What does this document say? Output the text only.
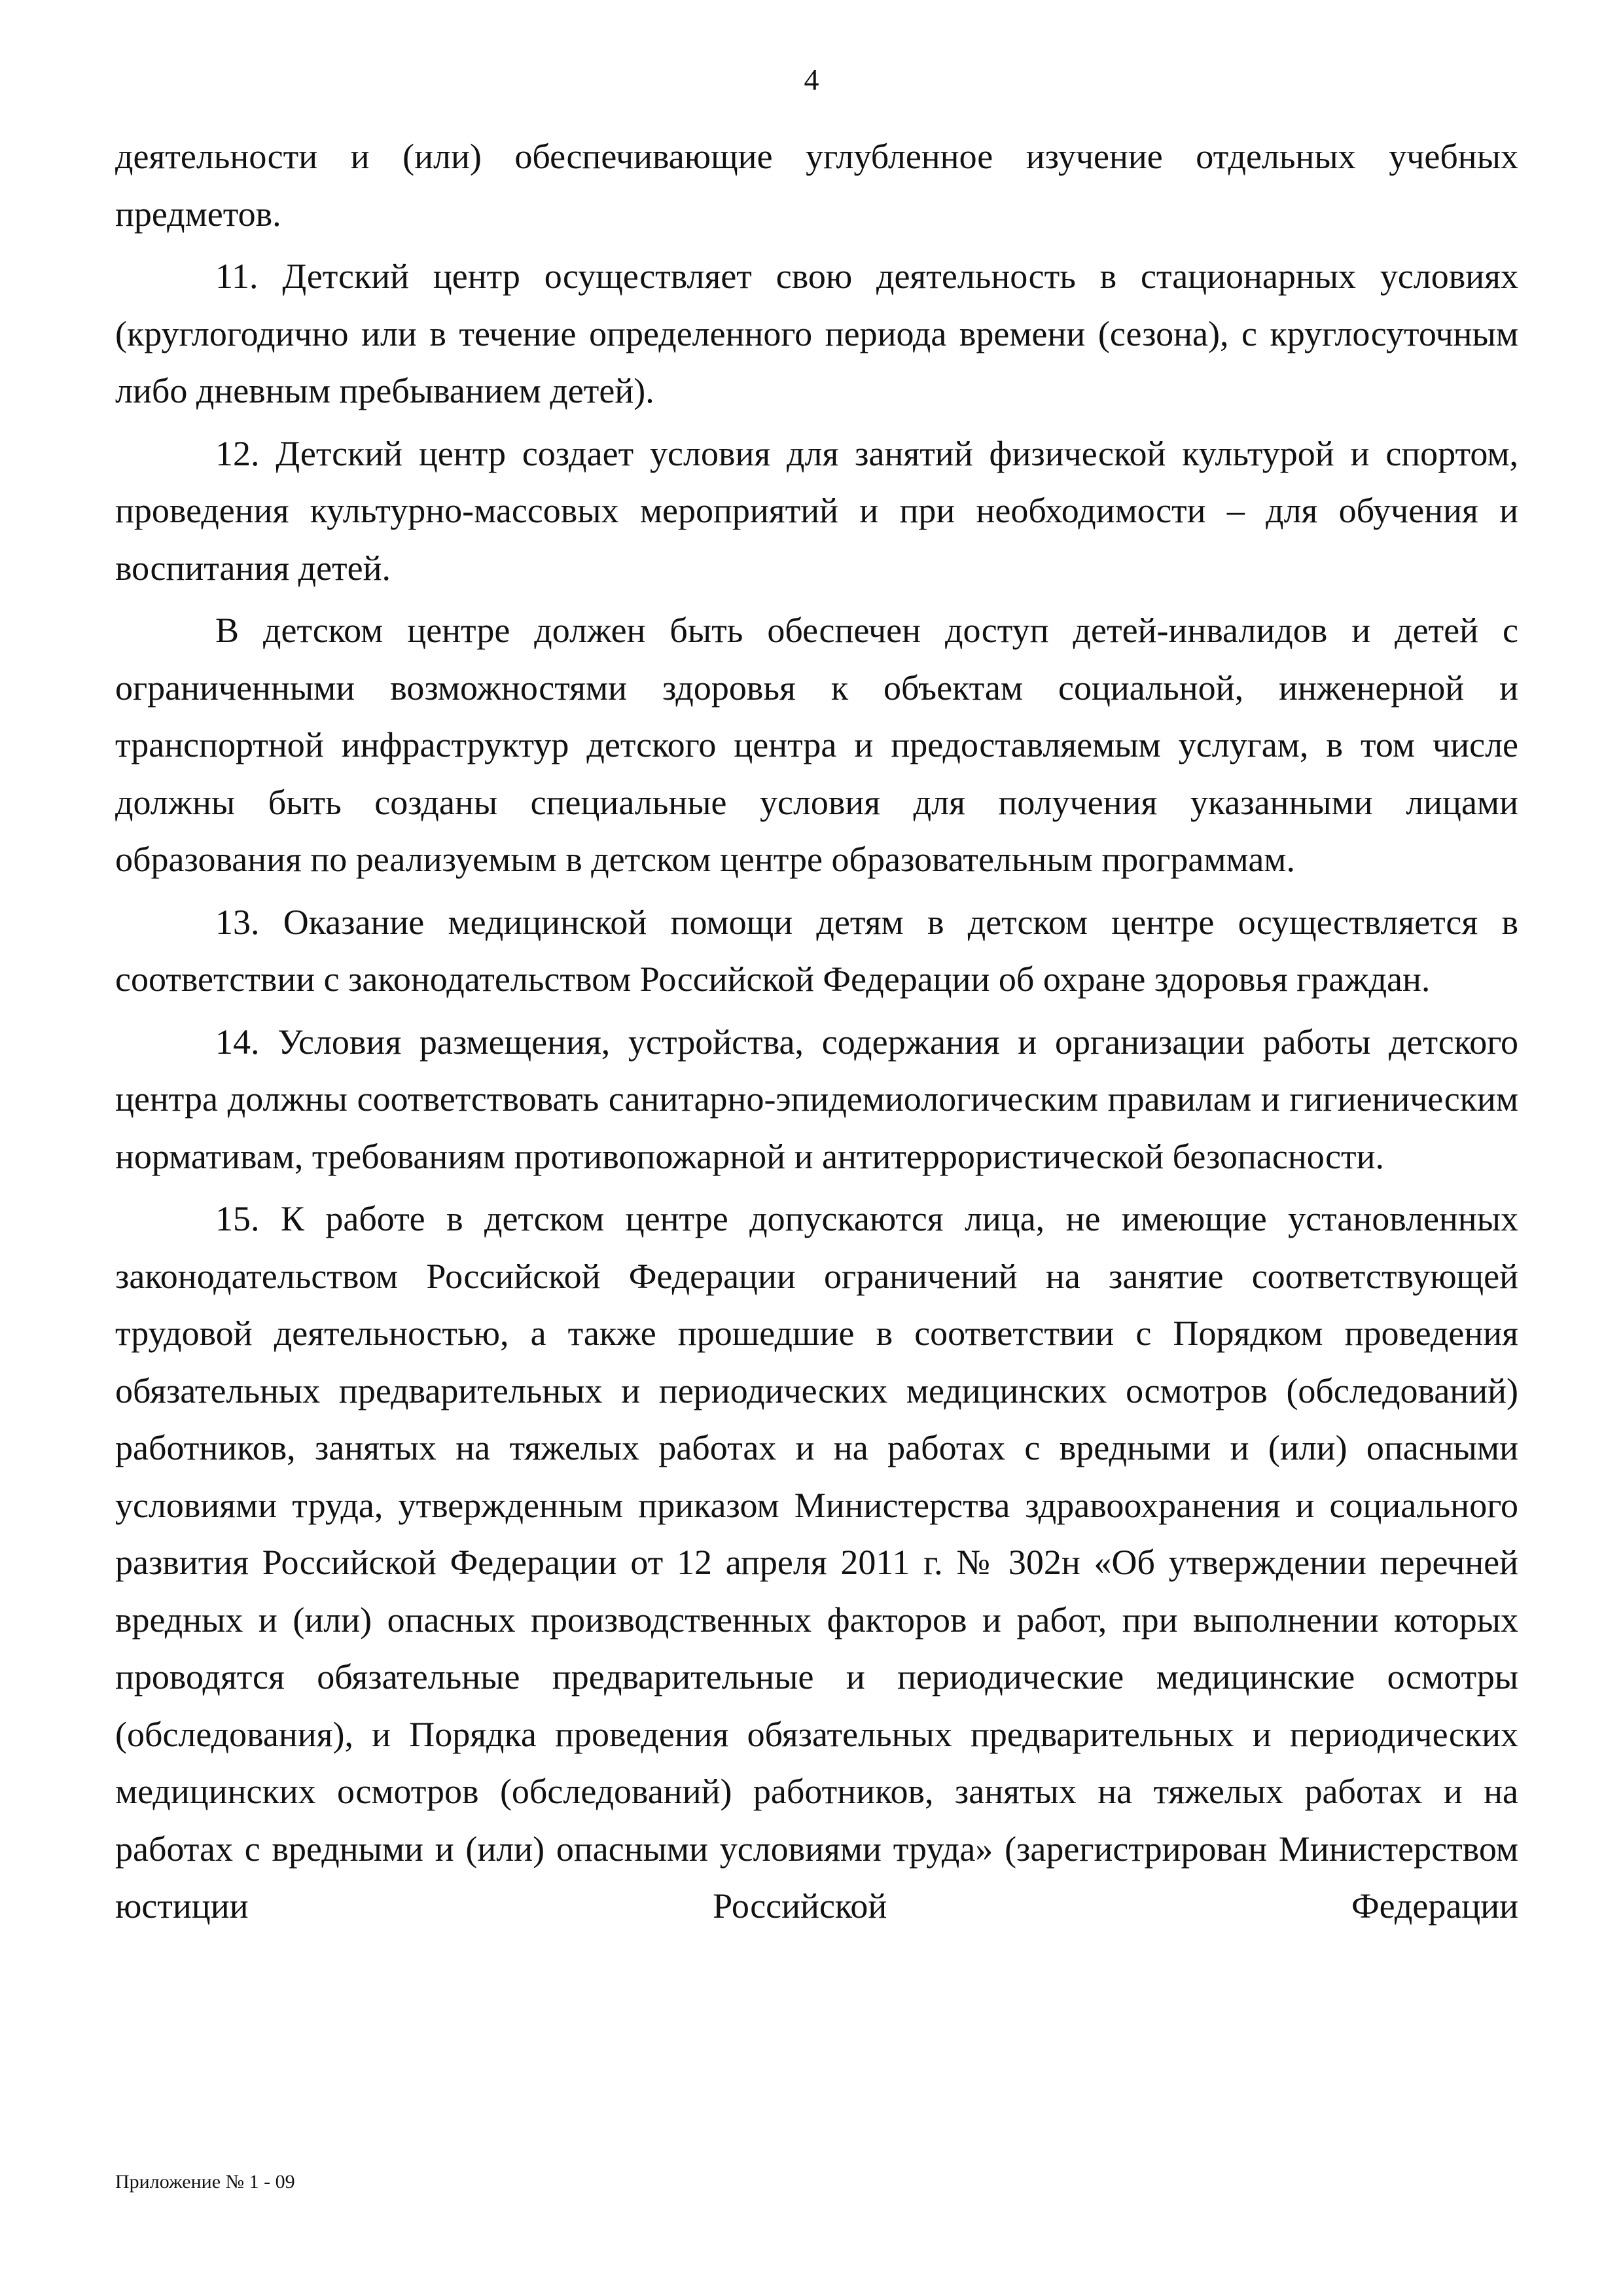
4

деятельности и (или) обеспечивающие углубленное изучение отдельных учебных предметов.

11. Детский центр осуществляет свою деятельность в стационарных условиях (круглогодично или в течение определенного периода времени (сезона), с круглосуточным либо дневным пребыванием детей).

12. Детский центр создает условия для занятий физической культурой и спортом, проведения культурно-массовых мероприятий и при необходимости – для обучения и воспитания детей.

В детском центре должен быть обеспечен доступ детей-инвалидов и детей с ограниченными возможностями здоровья к объектам социальной, инженерной и транспортной инфраструктур детского центра и предоставляемым услугам, в том числе должны быть созданы специальные условия для получения указанными лицами образования по реализуемым в детском центре образовательным программам.

13. Оказание медицинской помощи детям в детском центре осуществляется в соответствии с законодательством Российской Федерации об охране здоровья граждан.

14. Условия размещения, устройства, содержания и организации работы детского центра должны соответствовать санитарно-эпидемиологическим правилам и гигиеническим нормативам, требованиям противопожарной и антитеррористической безопасности.

15. К работе в детском центре допускаются лица, не имеющие установленных законодательством Российской Федерации ограничений на занятие соответствующей трудовой деятельностью, а также прошедшие в соответствии с Порядком проведения обязательных предварительных и периодических медицинских осмотров (обследований) работников, занятых на тяжелых работах и на работах с вредными и (или) опасными условиями труда, утвержденным приказом Министерства здравоохранения и социального развития Российской Федерации от 12 апреля 2011 г. № 302н «Об утверждении перечней вредных и (или) опасных производственных факторов и работ, при выполнении которых проводятся обязательные предварительные и периодические медицинские осмотры (обследования), и Порядка проведения обязательных предварительных и периодических медицинских осмотров (обследований) работников, занятых на тяжелых работах и на работах с вредными и (или) опасными условиями труда» (зарегистрирован Министерством юстиции Российской Федерации

Приложение № 1 - 09
